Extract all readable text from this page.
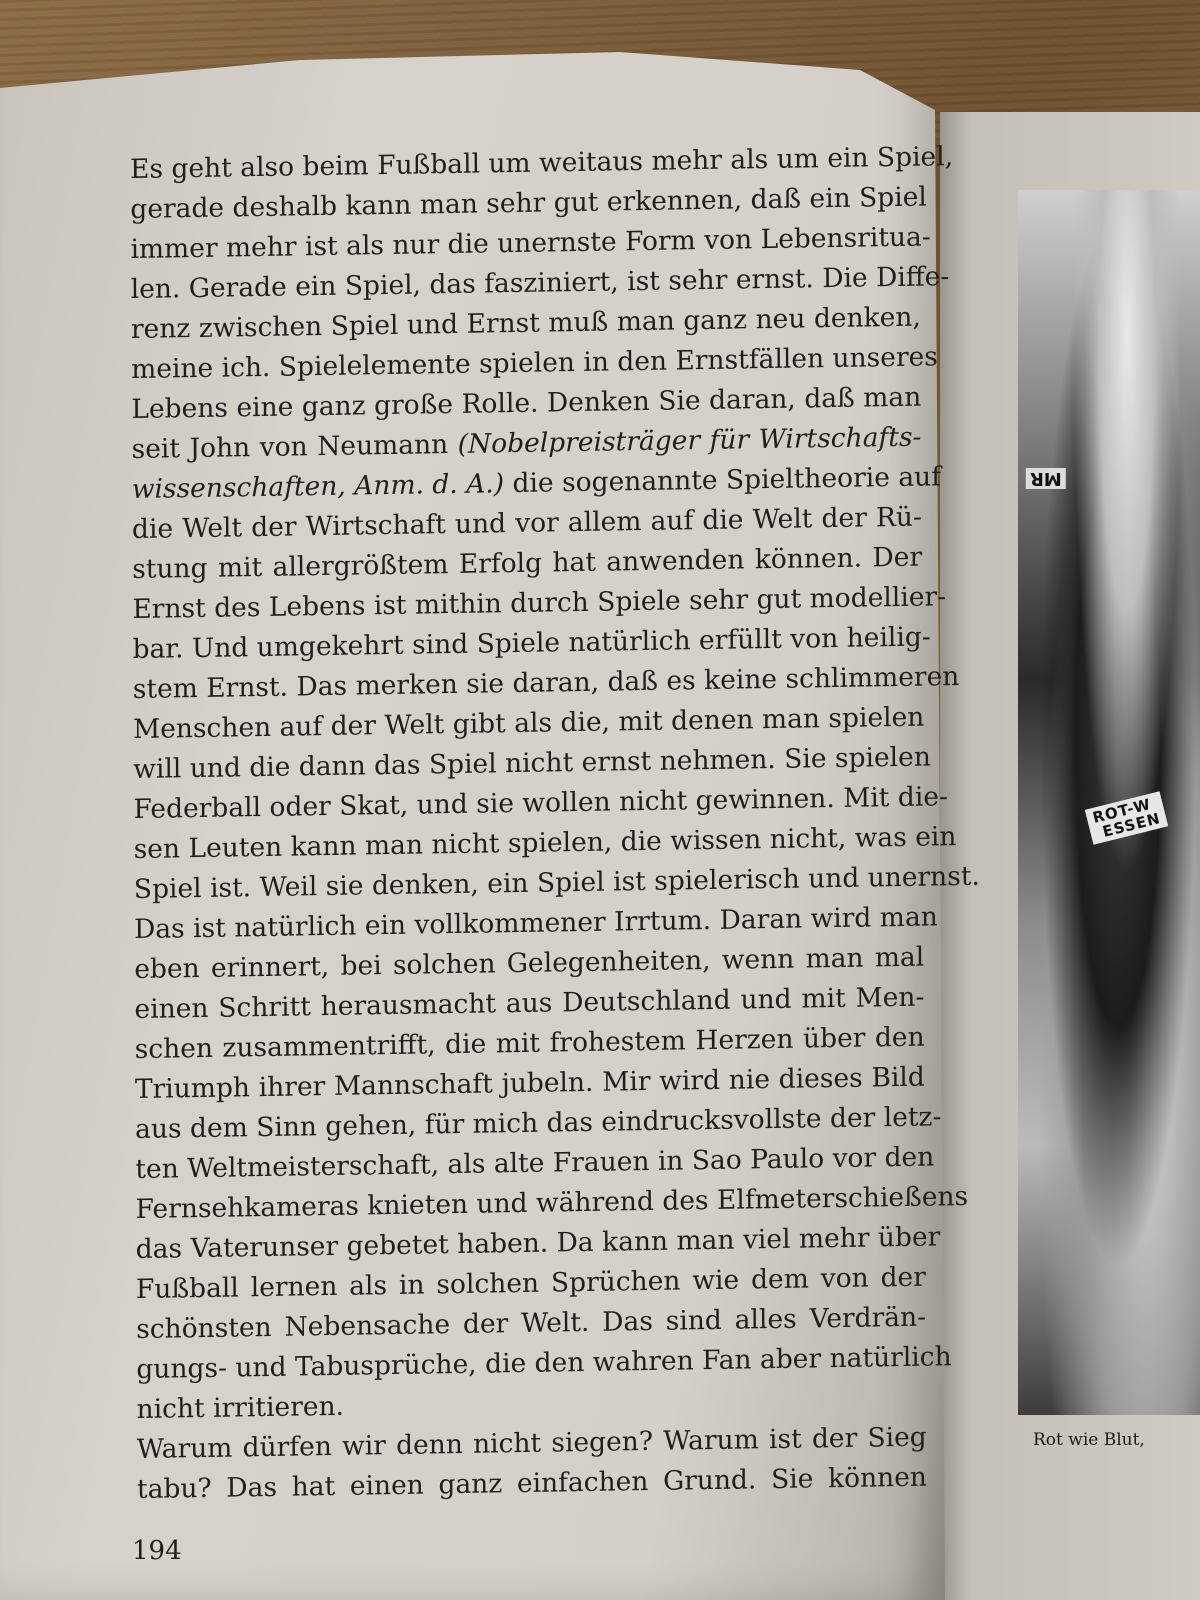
MR
ROT-W
ESSEN
Rot wie Blut,
Es geht also beim Fußball um weitaus mehr als um ein Spiel,
gerade deshalb kann man sehr gut erkennen, daß ein Spiel
immer mehr ist als nur die unernste Form von Lebensritua-
len. Gerade ein Spiel, das fasziniert, ist sehr ernst. Die Diffe-
renz zwischen Spiel und Ernst muß man ganz neu denken,
meine ich. Spielelemente spielen in den Ernstfällen unseres
Lebens eine ganz große Rolle. Denken Sie daran, daß man
seit John von Neumann (Nobelpreisträger für Wirtschafts-
wissenschaften, Anm. d. A.) die sogenannte Spieltheorie auf
die Welt der Wirtschaft und vor allem auf die Welt der Rü-
stung mit allergrößtem Erfolg hat anwenden können. Der
Ernst des Lebens ist mithin durch Spiele sehr gut modellier-
bar. Und umgekehrt sind Spiele natürlich erfüllt von heilig-
stem Ernst. Das merken sie daran, daß es keine schlimmeren
Menschen auf der Welt gibt als die, mit denen man spielen
will und die dann das Spiel nicht ernst nehmen. Sie spielen
Federball oder Skat, und sie wollen nicht gewinnen. Mit die-
sen Leuten kann man nicht spielen, die wissen nicht, was ein
Spiel ist. Weil sie denken, ein Spiel ist spielerisch und unernst.
Das ist natürlich ein vollkommener Irrtum. Daran wird man
eben erinnert, bei solchen Gelegenheiten, wenn man mal
einen Schritt herausmacht aus Deutschland und mit Men-
schen zusammentrifft, die mit frohestem Herzen über den
Triumph ihrer Mannschaft jubeln. Mir wird nie dieses Bild
aus dem Sinn gehen, für mich das eindrucksvollste der letz-
ten Weltmeisterschaft, als alte Frauen in Sao Paulo vor den
Fernsehkameras knieten und während des Elfmeterschießens
das Vaterunser gebetet haben. Da kann man viel mehr über
Fußball lernen als in solchen Sprüchen wie dem von der
schönsten Nebensache der Welt. Das sind alles Verdrän-
gungs- und Tabusprüche, die den wahren Fan aber natürlich
nicht irritieren.
Warum dürfen wir denn nicht siegen? Warum ist der Sieg
tabu? Das hat einen ganz einfachen Grund. Sie können
194
